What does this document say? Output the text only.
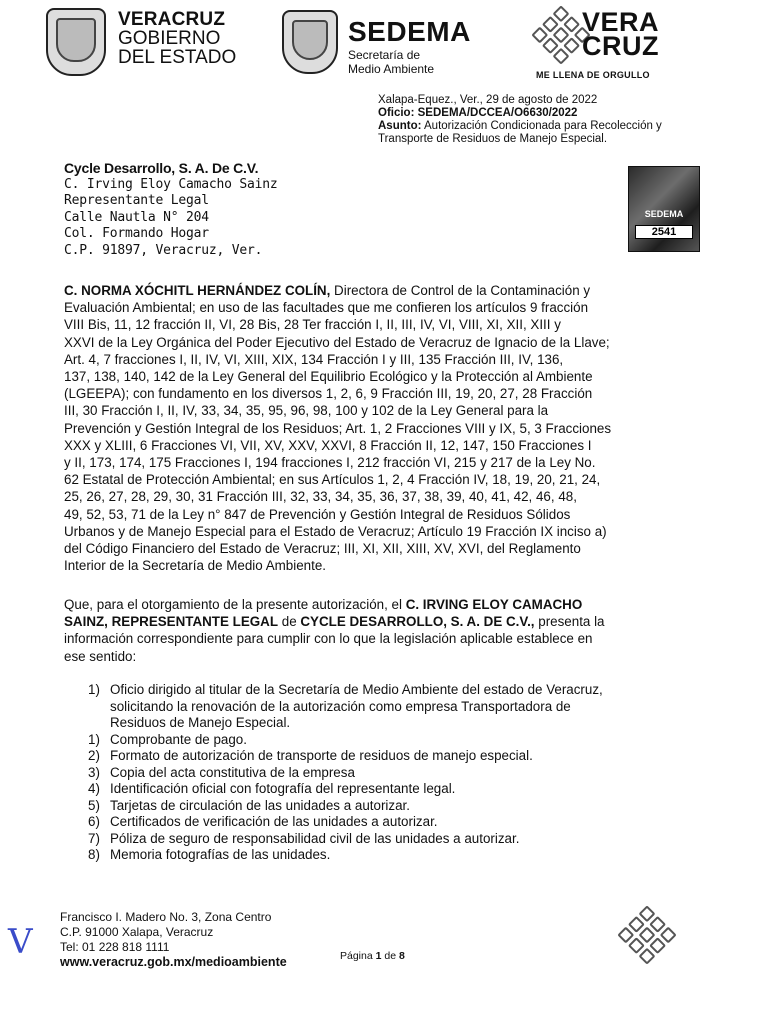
VERACRUZ
GOBIERNO
DEL ESTADO
SEDEMA
Secretaría de
Medio Ambiente
VERA
CRUZ
ME LLENA DE ORGULLO
Xalapa-Equez., Ver., 29 de agosto de 2022
Oficio: SEDEMA/DCCEA/O6630/2022
Asunto: Autorización Condicionada para Recolección y
Transporte de Residuos de Manejo Especial.
Cycle Desarrollo, S. A. De C.V.
C. Irving Eloy Camacho Sainz
Representante Legal
Calle Nautla N° 204
Col. Formando Hogar
C.P. 91897, Veracruz, Ver.
SEDEMA
2541
C. NORMA XÓCHITL HERNÁNDEZ COLÍN, Directora de Control de la Contaminación y
Evaluación Ambiental; en uso de las facultades que me confieren los artículos 9 fracción
VIII Bis, 11, 12 fracción II, VI, 28 Bis, 28 Ter fracción I, II, III, IV, VI, VIII, XI, XII, XIII y
XXVI de la Ley Orgánica del Poder Ejecutivo del Estado de Veracruz de Ignacio de la Llave;
Art. 4, 7 fracciones I, II, IV, VI, XIII, XIX, 134 Fracción I y III, 135 Fracción III, IV, 136,
137, 138, 140, 142 de la Ley General del Equilibrio Ecológico y la Protección al Ambiente
(LGEEPA); con fundamento en los diversos 1, 2, 6, 9 Fracción III, 19, 20, 27, 28 Fracción
III, 30 Fracción I, II, IV, 33, 34, 35, 95, 96, 98, 100 y 102 de la Ley General para la
Prevención y Gestión Integral de los Residuos; Art. 1, 2 Fracciones VIII y IX, 5, 3 Fracciones
XXX y XLIII, 6 Fracciones VI, VII, XV, XXV, XXVI, 8 Fracción II, 12, 147, 150 Fracciones I
y II, 173, 174, 175 Fracciones I, 194 fracciones I, 212 fracción VI, 215 y 217 de la Ley No.
62 Estatal de Protección Ambiental; en sus Artículos 1, 2, 4 Fracción IV, 18, 19, 20, 21, 24,
25, 26, 27, 28, 29, 30, 31 Fracción III, 32, 33, 34, 35, 36, 37, 38, 39, 40, 41, 42, 46, 48,
49, 52, 53, 71 de la Ley n° 847 de Prevención y Gestión Integral de Residuos Sólidos
Urbanos y de Manejo Especial para el Estado de Veracruz; Artículo 19 Fracción IX inciso a)
del Código Financiero del Estado de Veracruz; III, XI, XII, XIII, XV, XVI, del Reglamento
Interior de la Secretaría de Medio Ambiente.
Que, para el otorgamiento de la presente autorización, el C. IRVING ELOY CAMACHO
SAINZ, REPRESENTANTE LEGAL de CYCLE DESARROLLO, S. A. DE C.V., presenta la
información correspondiente para cumplir con lo que la legislación aplicable establece en
ese sentido:
1) Oficio dirigido al titular de la Secretaría de Medio Ambiente del estado de Veracruz,
solicitando la renovación de la autorización como empresa Transportadora de
Residuos de Manejo Especial.
1) Comprobante de pago.
2) Formato de autorización de transporte de residuos de manejo especial.
3) Copia del acta constitutiva de la empresa
4) Identificación oficial con fotografía del representante legal.
5) Tarjetas de circulación de las unidades a autorizar.
6) Certificados de verificación de las unidades a autorizar.
7) Póliza de seguro de responsabilidad civil de las unidades a autorizar.
8) Memoria fotografías de las unidades.
V
Francisco I. Madero No. 3, Zona Centro
C.P. 91000 Xalapa, Veracruz
Tel: 01 228 818 1111
www.veracruz.gob.mx/medioambiente	Página 1 de 8
